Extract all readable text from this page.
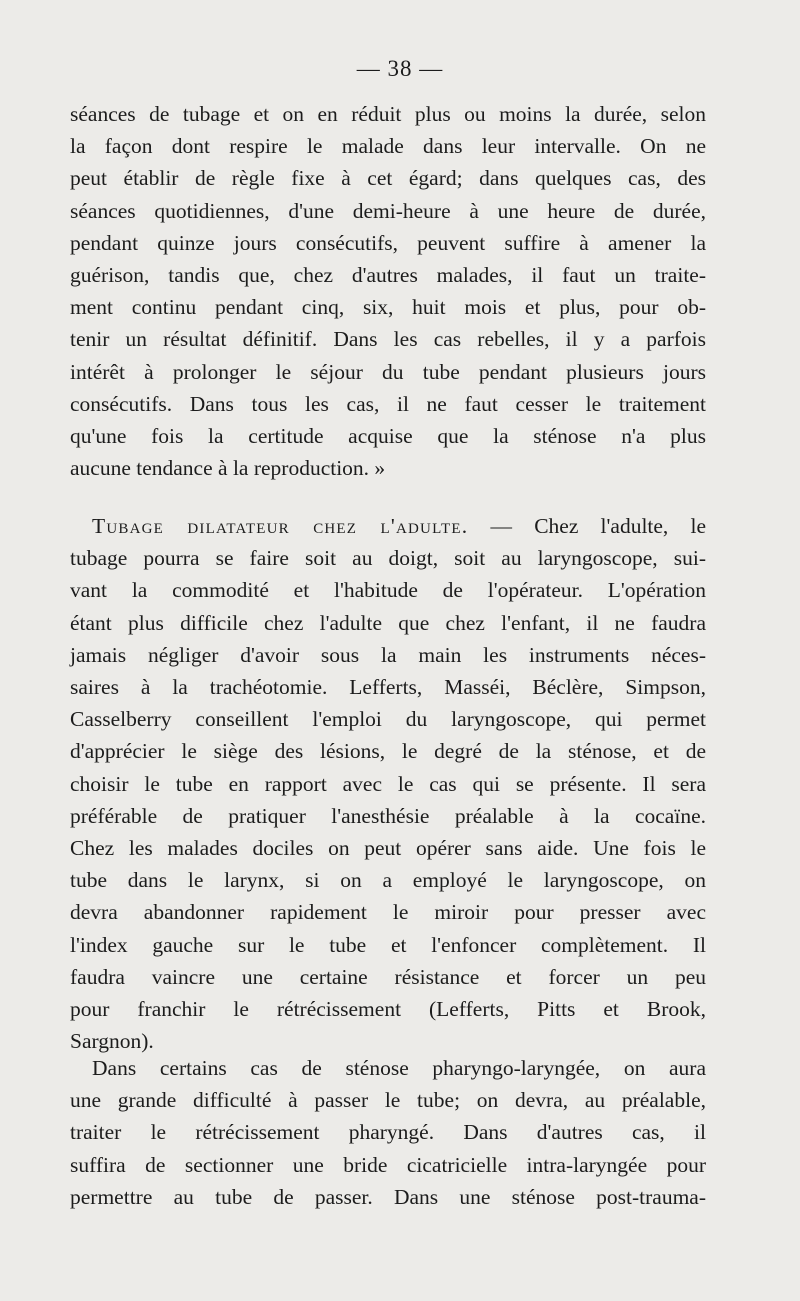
— 38 —
séances de tubage et on en réduit plus ou moins la durée, selon
la façon dont respire le malade dans leur intervalle. On ne
peut établir de règle fixe à cet égard; dans quelques cas, des
séances quotidiennes, d'une demi-heure à une heure de durée,
pendant quinze jours consécutifs, peuvent suffire à amener la
guérison, tandis que, chez d'autres malades, il faut un traite-
ment continu pendant cinq, six, huit mois et plus, pour ob-
tenir un résultat définitif. Dans les cas rebelles, il y a parfois
intérêt à prolonger le séjour du tube pendant plusieurs jours
consécutifs. Dans tous les cas, il ne faut cesser le traitement
qu'une fois la certitude acquise que la sténose n'a plus
aucune tendance à la reproduction. »
Tubage dilatateur chez l'adulte. — Chez l'adulte, le
tubage pourra se faire soit au doigt, soit au laryngoscope, sui-
vant la commodité et l'habitude de l'opérateur. L'opération
étant plus difficile chez l'adulte que chez l'enfant, il ne faudra
jamais négliger d'avoir sous la main les instruments néces-
saires à la trachéotomie. Lefferts, Masséi, Béclère, Simpson,
Casselberry conseillent l'emploi du laryngoscope, qui permet
d'apprécier le siège des lésions, le degré de la sténose, et de
choisir le tube en rapport avec le cas qui se présente. Il sera
préférable de pratiquer l'anesthésie préalable à la cocaïne.
Chez les malades dociles on peut opérer sans aide. Une fois le
tube dans le larynx, si on a employé le laryngoscope, on
devra abandonner rapidement le miroir pour presser avec
l'index gauche sur le tube et l'enfoncer complètement. Il
faudra vaincre une certaine résistance et forcer un peu
pour franchir le rétrécissement (Lefferts, Pitts et Brook,
Sargnon).
Dans certains cas de sténose pharyngo-laryngée, on aura
une grande difficulté à passer le tube; on devra, au préalable,
traiter le rétrécissement pharyngé. Dans d'autres cas, il
suffira de sectionner une bride cicatricielle intra-laryngée pour
permettre au tube de passer. Dans une sténose post-trauma-
